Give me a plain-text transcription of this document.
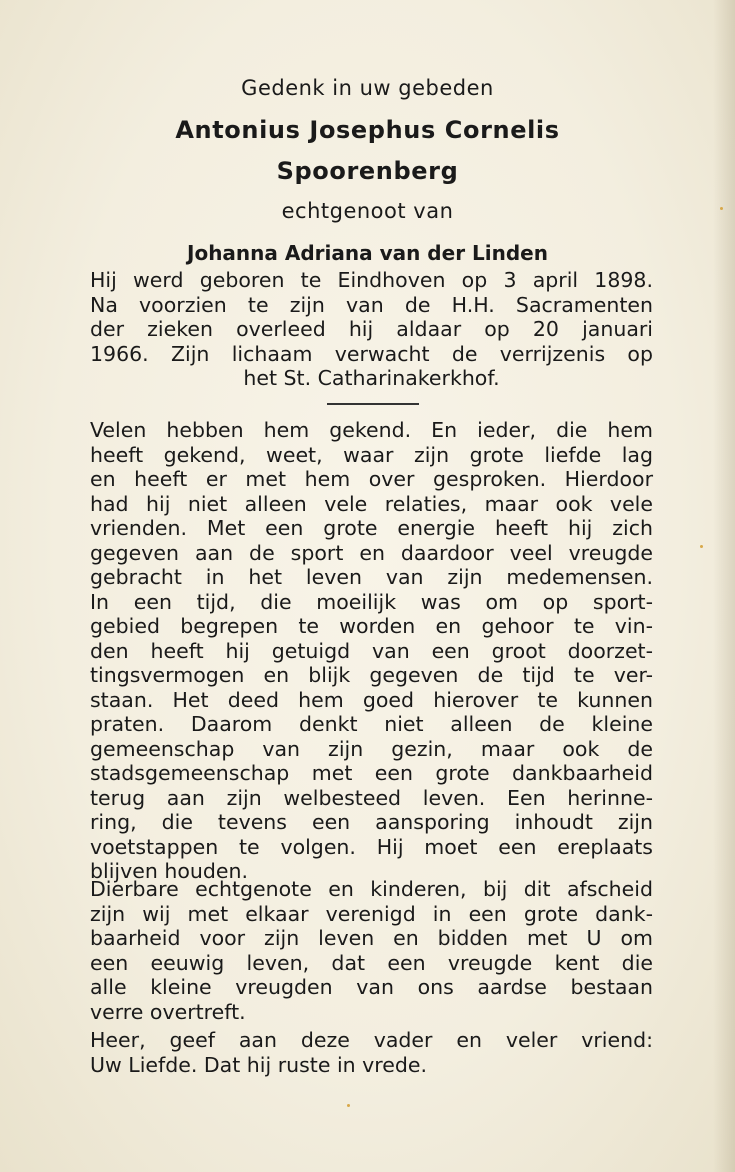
Gedenk in uw gebeden
Antonius Josephus Cornelis
Spoorenberg
echtgenoot van
Johanna Adriana van der Linden
Hij werd geboren te Eindhoven op 3 april 1898.
Na voorzien te zijn van de H.H. Sacramenten
der zieken overleed hij aldaar op 20 januari
1966. Zijn lichaam verwacht de verrijzenis op
het St. Catharinakerkhof.
Velen hebben hem gekend. En ieder, die hem
heeft gekend, weet, waar zijn grote liefde lag
en heeft er met hem over gesproken. Hierdoor
had hij niet alleen vele relaties, maar ook vele
vrienden. Met een grote energie heeft hij zich
gegeven aan de sport en daardoor veel vreugde
gebracht in het leven van zijn medemensen.
In een tijd, die moeilijk was om op sport-
gebied begrepen te worden en gehoor te vin-
den heeft hij getuigd van een groot doorzet-
tingsvermogen en blijk gegeven de tijd te ver-
staan. Het deed hem goed hierover te kunnen
praten. Daarom denkt niet alleen de kleine
gemeenschap van zijn gezin, maar ook de
stadsgemeenschap met een grote dankbaarheid
terug aan zijn welbesteed leven. Een herinne-
ring, die tevens een aansporing inhoudt zijn
voetstappen te volgen. Hij moet een ereplaats
blijven houden.
Dierbare echtgenote en kinderen, bij dit afscheid
zijn wij met elkaar verenigd in een grote dank-
baarheid voor zijn leven en bidden met U om
een eeuwig leven, dat een vreugde kent die
alle kleine vreugden van ons aardse bestaan
verre overtreft.
Heer, geef aan deze vader en veler vriend:
Uw Liefde. Dat hij ruste in vrede.
